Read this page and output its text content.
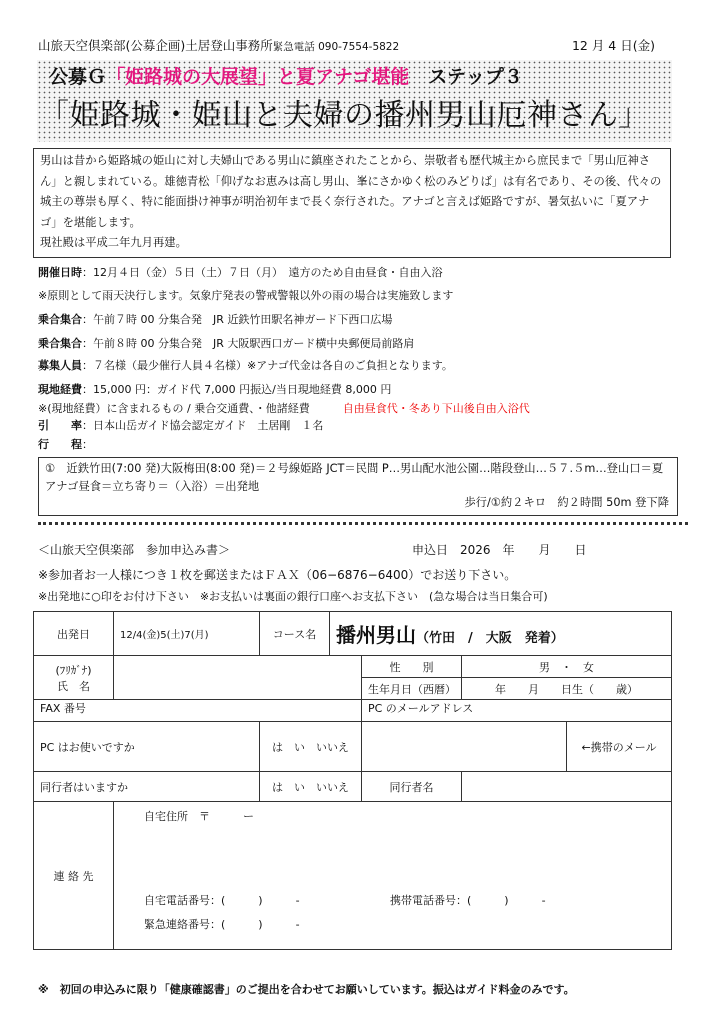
山旅天空倶楽部(公募企画)土居登山事務所緊急電話 090-7554-5822	12 月 4 日(金)
公募Ｇ「姫路城の大展望」と夏アナゴ堪能　 ステップ３
「姫路城・姫山と夫婦の播州男山厄神さん」
男山は昔から姫路城の姫山に対し夫婦山である男山に鎮座されたことから、崇敬者も歴代城主から庶民まで「男山厄神さん」と親しまれている。雄徳青松「仰げなお恵みは高し男山、峯にさかゆく松のみどりば」は有名であり、その後、代々の城主の尊崇も厚く、特に能面掛け神事が明治初年まで長く奈行された。アナゴと言えば姫路ですが、暑気払いに「夏アナゴ」を堪能します。
現社殿は平成二年九月再建。
開催日時：12月４日（金）５日（土）７日（月）　遠方のため自由昼食・自由入浴
※原則として雨天決行します。気象庁発表の警戒警報以外の雨の場合は実施致します
乗合集合：午前７時 00 分集合発　JR 近鉄竹田駅名神ガード下西口広場
乗合集合：午前８時 00 分集合発　JR 大阪駅西口ガード横中央郵便局前路肩
募集人員：７名様（最少催行人員４名様）※アナゴ代金は各自のご負担となります。
現地経費：15,000 円：ガイド代 7,000 円振込/当日現地経費 8,000 円
※(現地経費）に含まれるもの / 乗合交通費、・他諸経費　　　	自由昼食代・冬あり下山後自由入浴代
引　　率：日本山岳ガイド協会認定ガイド　土居剛　１名
行　　程：
①　近鉄竹田(7:00 発)大阪梅田(8:00 発)＝２号線姫路 JCT＝民間 P…男山配水池公園…階段登山…５７.５m…登山口＝夏アナゴ昼食＝立ち寄り＝（入浴）＝出発地
歩行/①約２キロ　約２時間 50m 登下降
＜山旅天空倶楽部　参加申込み書＞	申込日　2026　年　　月　　日
※参加者お一人様につき１枚を郵送またはＦＡＸ（06−6876−6400）でお送り下さい。
※出発地に○印をお付け下さい　※お支払いは裏面の銀行口座へお支払下さい　(急な場合は当日集合可)
出発日	12/4(金)5(土)7(月)	コース名	播州男山（竹田　/　大阪　発着）			

(ﾌﾘｶﾞﾅ)
氏　名				性　　別	男　・　女	
				生年月日（西暦）	年　　月　　日生（　　歳）	
FAX 番号				PC のメールアドレス		
PC はお使いですか		は　い　いいえ				←携帯のメール
同行者はいますか		は　い　いいえ		同行者名		
連 絡 先	自宅住所　〒　　　ー
自宅電話番号：(　　　)　　　- 携帯電話番号：(　　　)　　　-
緊急連絡番号：(　　　)　　　-					
※　初回の申込みに限り「健康確認書」のご提出を合わせてお願いしています。振込はガイド料金のみです。
